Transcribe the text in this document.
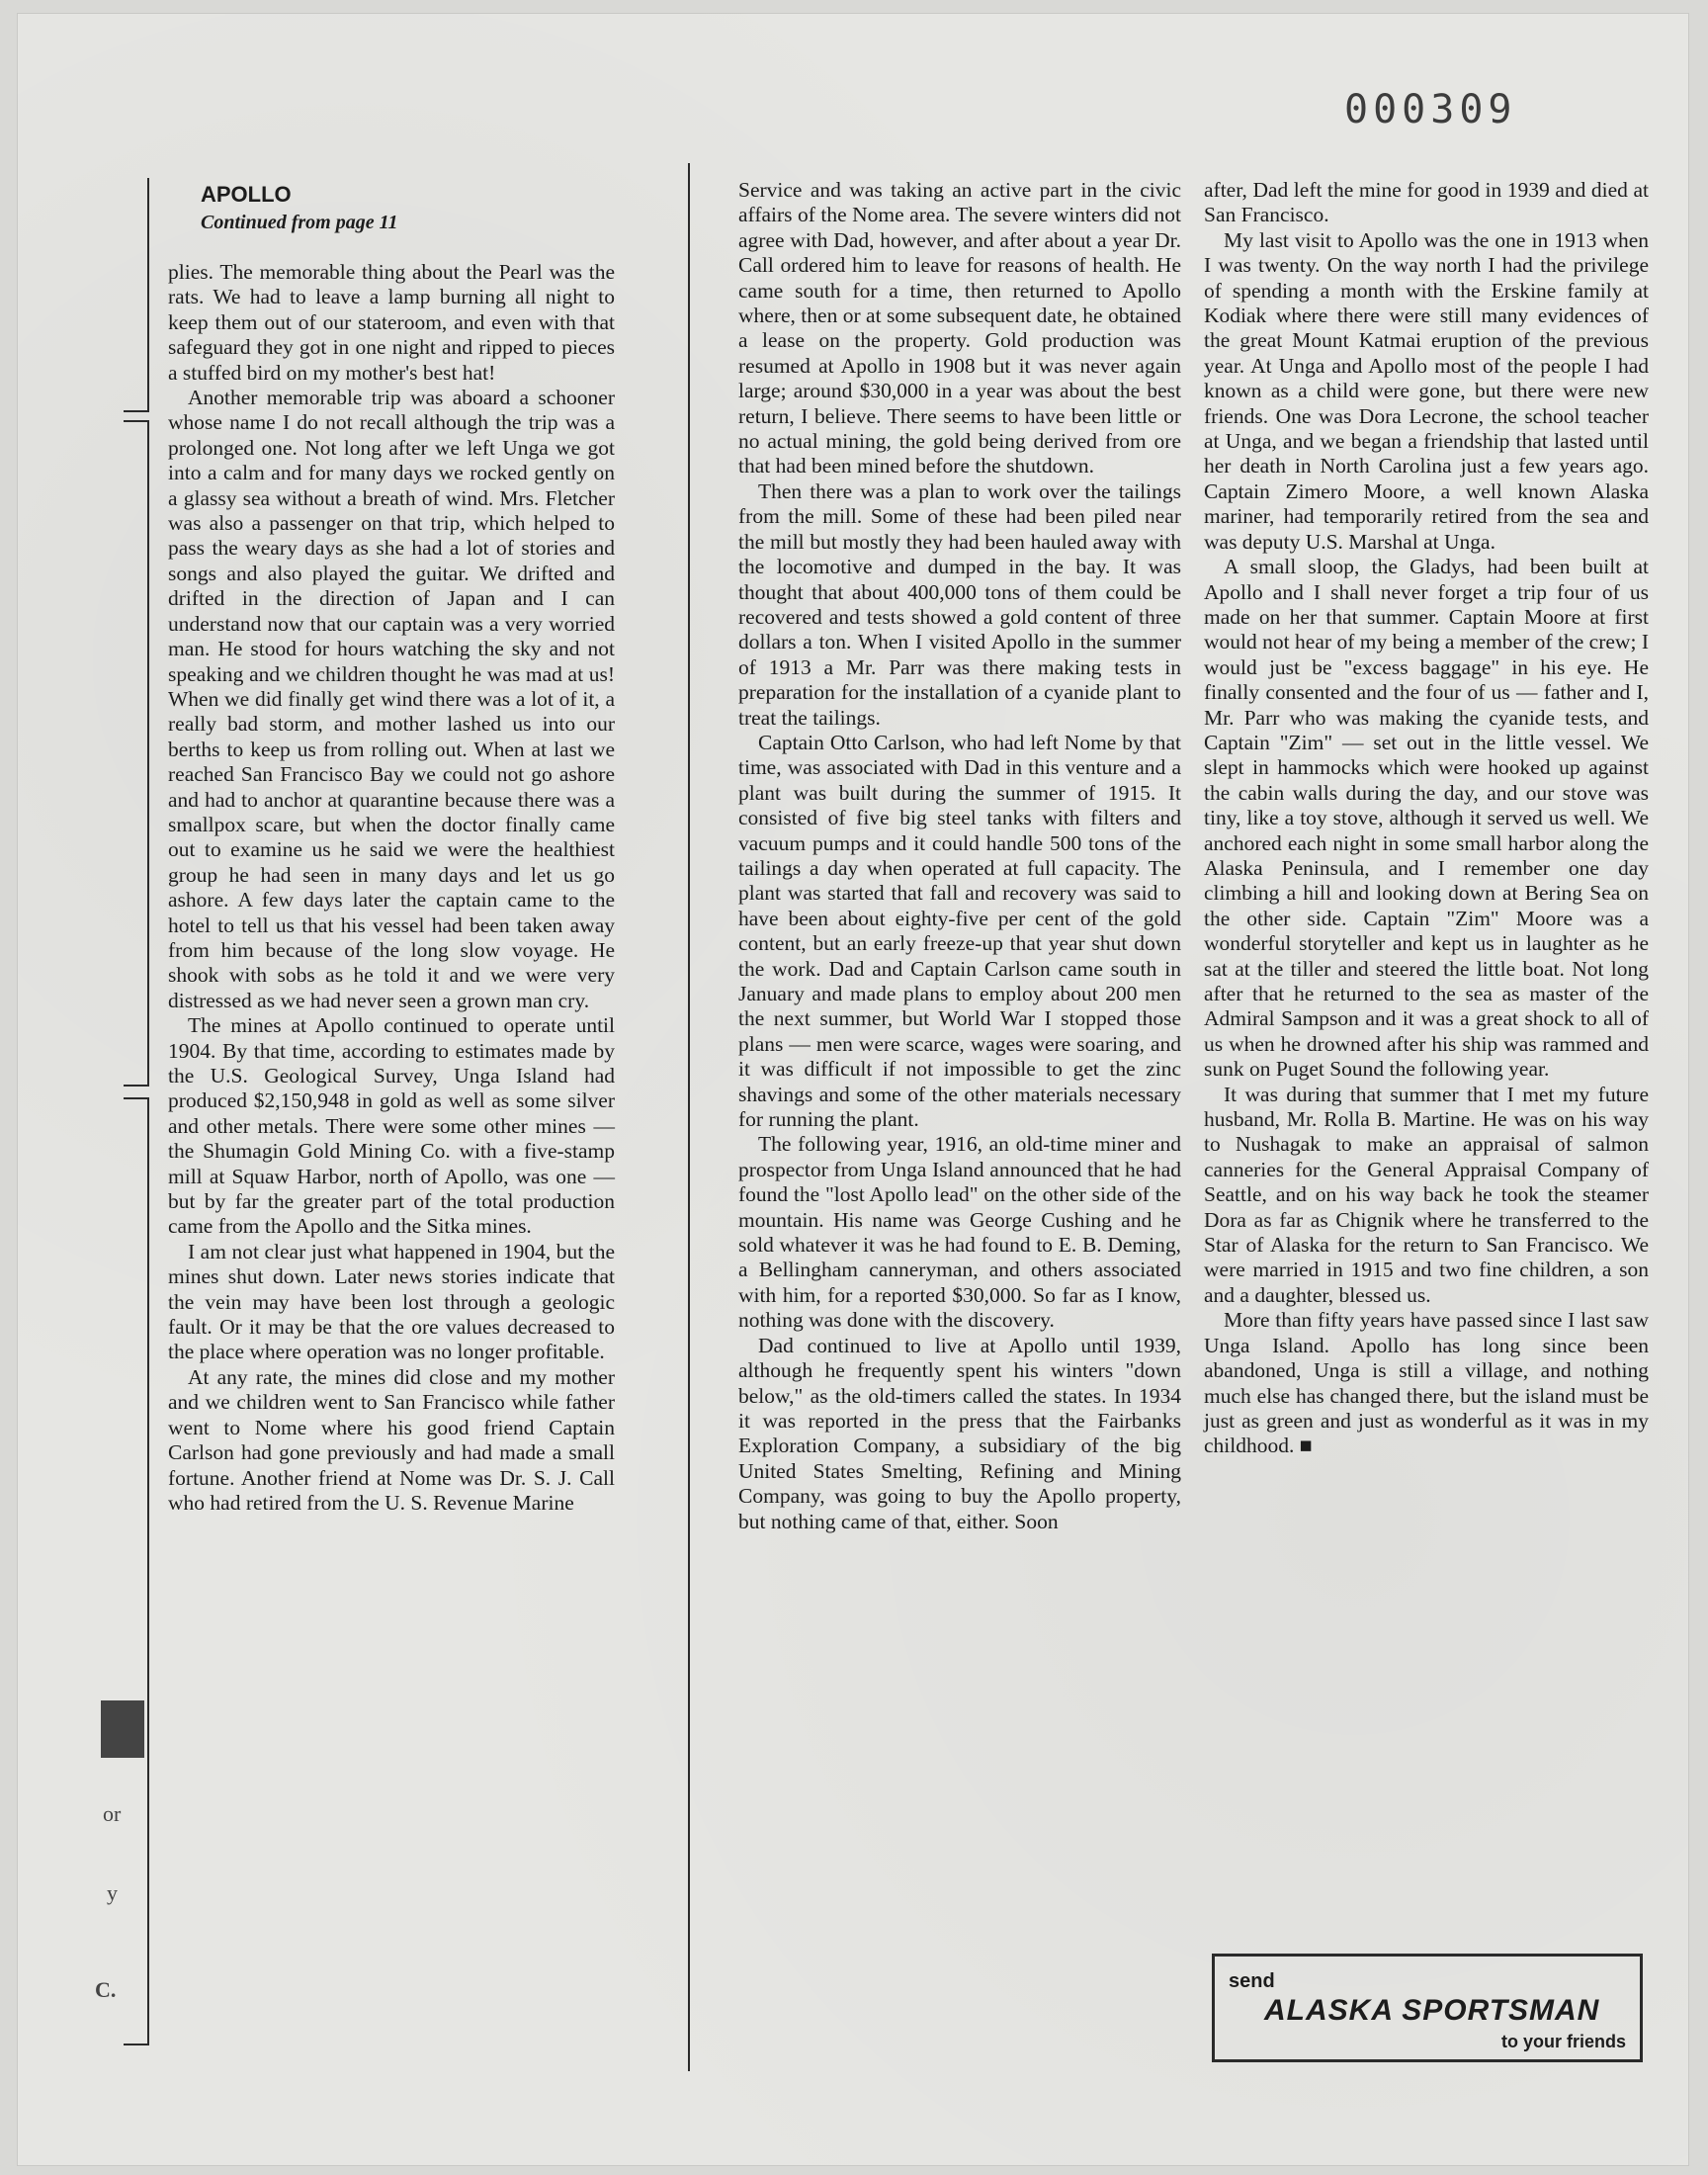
000309
APOLLO
Continued from page 11

plies. The memorable thing about the Pearl was the rats. We had to leave a lamp burning all night to keep them out of our stateroom, and even with that safeguard they got in one night and ripped to pieces a stuffed bird on my mother's best hat!

Another memorable trip was aboard a schooner whose name I do not recall although the trip was a prolonged one. Not long after we left Unga we got into a calm and for many days we rocked gently on a glassy sea without a breath of wind. Mrs. Fletcher was also a passenger on that trip, which helped to pass the weary days as she had a lot of stories and songs and also played the guitar. We drifted and drifted in the direction of Japan and I can understand now that our captain was a very worried man. He stood for hours watching the sky and not speaking and we children thought he was mad at us! When we did finally get wind there was a lot of it, a really bad storm, and mother lashed us into our berths to keep us from rolling out. When at last we reached San Francisco Bay we could not go ashore and had to anchor at quarantine because there was a smallpox scare, but when the doctor finally came out to examine us he said we were the healthiest group he had seen in many days and let us go ashore. A few days later the captain came to the hotel to tell us that his vessel had been taken away from him because of the long slow voyage. He shook with sobs as he told it and we were very distressed as we had never seen a grown man cry.

The mines at Apollo continued to operate until 1904. By that time, according to estimates made by the U.S. Geological Survey, Unga Island had produced $2,150,948 in gold as well as some silver and other metals. There were some other mines — the Shumagin Gold Mining Co. with a five-stamp mill at Squaw Harbor, north of Apollo, was one — but by far the greater part of the total production came from the Apollo and the Sitka mines.

I am not clear just what happened in 1904, but the mines shut down. Later news stories indicate that the vein may have been lost through a geologic fault. Or it may be that the ore values decreased to the place where operation was no longer profitable.

At any rate, the mines did close and my mother and we children went to San Francisco while father went to Nome where his good friend Captain Carlson had gone previously and had made a small fortune. Another friend at Nome was Dr. S. J. Call who had retired from the U. S. Revenue Marine

Service and was taking an active part in the civic affairs of the Nome area. The severe winters did not agree with Dad, however, and after about a year Dr. Call ordered him to leave for reasons of health. He came south for a time, then returned to Apollo where, then or at some subsequent date, he obtained a lease on the property. Gold production was resumed at Apollo in 1908 but it was never again large; around $30,000 in a year was about the best return, I believe. There seems to have been little or no actual mining, the gold being derived from ore that had been mined before the shutdown.

Then there was a plan to work over the tailings from the mill. Some of these had been piled near the mill but mostly they had been hauled away with the locomotive and dumped in the bay. It was thought that about 400,000 tons of them could be recovered and tests showed a gold content of three dollars a ton. When I visited Apollo in the summer of 1913 a Mr. Parr was there making tests in preparation for the installation of a cyanide plant to treat the tailings.

Captain Otto Carlson, who had left Nome by that time, was associated with Dad in this venture and a plant was built during the summer of 1915. It consisted of five big steel tanks with filters and vacuum pumps and it could handle 500 tons of the tailings a day when operated at full capacity. The plant was started that fall and recovery was said to have been about eighty-five per cent of the gold content, but an early freeze-up that year shut down the work. Dad and Captain Carlson came south in January and made plans to employ about 200 men the next summer, but World War I stopped those plans — men were scarce, wages were soaring, and it was difficult if not impossible to get the zinc shavings and some of the other materials necessary for running the plant.

The following year, 1916, an old-time miner and prospector from Unga Island announced that he had found the "lost Apollo lead" on the other side of the mountain. His name was George Cushing and he sold whatever it was he had found to E. B. Deming, a Bellingham canneryman, and others associated with him, for a reported $30,000. So far as I know, nothing was done with the discovery.

Dad continued to live at Apollo until 1939, although he frequently spent his winters "down below," as the old-timers called the states. In 1934 it was reported in the press that the Fairbanks Exploration Company, a subsidiary of the big United States Smelting, Refining and Mining Company, was going to buy the Apollo property, but nothing came of that, either. Soon

after, Dad left the mine for good in 1939 and died at San Francisco.

My last visit to Apollo was the one in 1913 when I was twenty. On the way north I had the privilege of spending a month with the Erskine family at Kodiak where there were still many evidences of the great Mount Katmai eruption of the previous year. At Unga and Apollo most of the people I had known as a child were gone, but there were new friends. One was Dora Lecrone, the school teacher at Unga, and we began a friendship that lasted until her death in North Carolina just a few years ago. Captain Zimero Moore, a well known Alaska mariner, had temporarily retired from the sea and was deputy U.S. Marshal at Unga.

A small sloop, the Gladys, had been built at Apollo and I shall never forget a trip four of us made on her that summer. Captain Moore at first would not hear of my being a member of the crew; I would just be "excess baggage" in his eye. He finally consented and the four of us — father and I, Mr. Parr who was making the cyanide tests, and Captain "Zim" — set out in the little vessel. We slept in hammocks which were hooked up against the cabin walls during the day, and our stove was tiny, like a toy stove, although it served us well. We anchored each night in some small harbor along the Alaska Peninsula, and I remember one day climbing a hill and looking down at Bering Sea on the other side. Captain "Zim" Moore was a wonderful storyteller and kept us in laughter as he sat at the tiller and steered the little boat. Not long after that he returned to the sea as master of the Admiral Sampson and it was a great shock to all of us when he drowned after his ship was rammed and sunk on Puget Sound the following year.

It was during that summer that I met my future husband, Mr. Rolla B. Martine. He was on his way to Nushagak to make an appraisal of salmon canneries for the General Appraisal Company of Seattle, and on his way back he took the steamer Dora as far as Chignik where he transferred to the Star of Alaska for the return to San Francisco. We were married in 1915 and two fine children, a son and a daughter, blessed us.

More than fifty years have passed since I last saw Unga Island. Apollo has long since been abandoned, Unga is still a village, and nothing much else has changed there, but the island must be just as green and just as wonderful as it was in my childhood. ■

or
y
C.	send
ALASKA SPORTSMAN
to your friends
